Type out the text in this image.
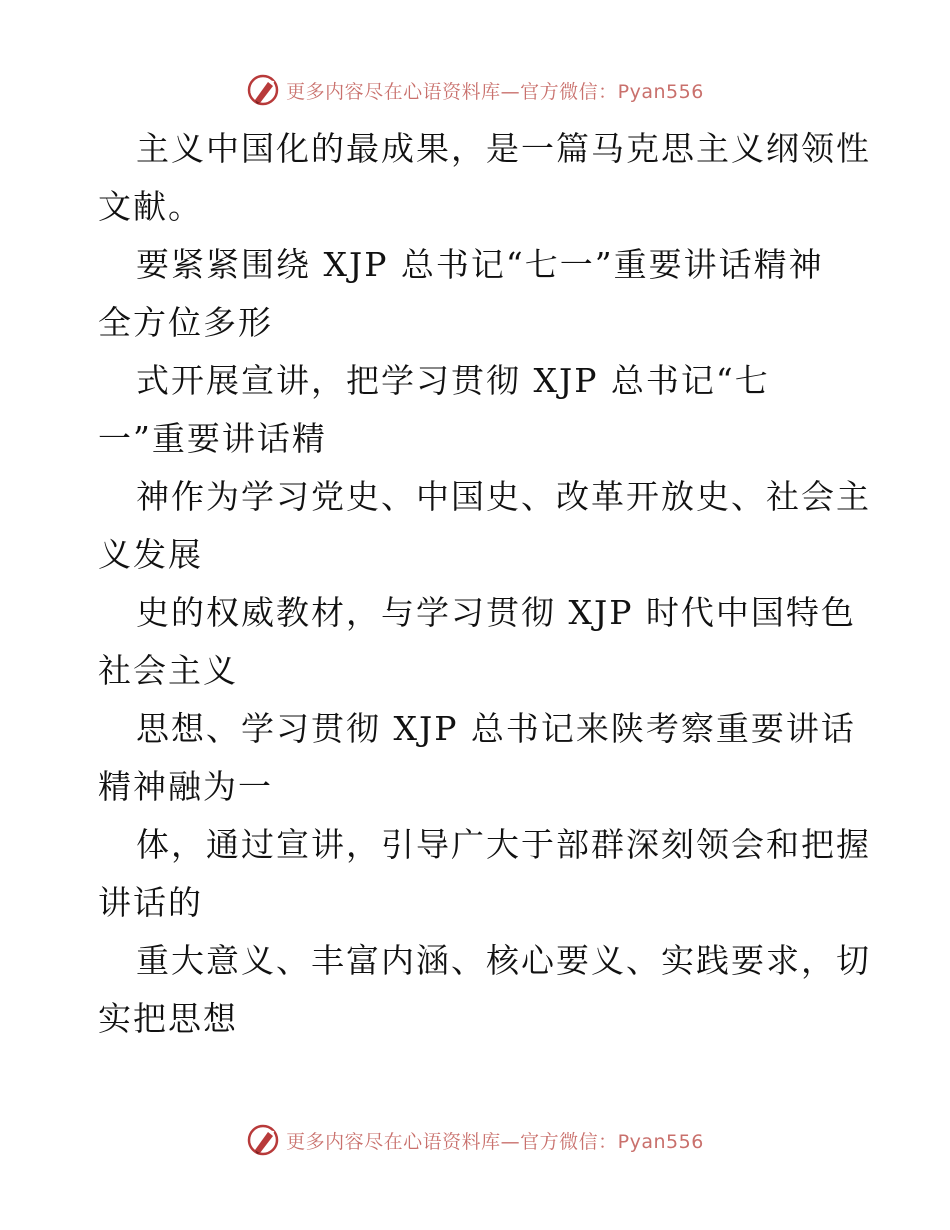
更多内容尽在心语资料库—官方微信：Pyan556
主义中国化的最成果，是一篇马克思主义纲领性
文献。
要紧紧围绕 XJP 总书记“七一”重要讲话精神
全方位多形
式开展宣讲，把学习贯彻 XJP 总书记“七
一”重要讲话精
神作为学习党史、中国史、改革开放史、社会主
义发展
史的权威教材，与学习贯彻 XJP 时代中国特色
社会主义
思想、学习贯彻 XJP 总书记来陕考察重要讲话
精神融为一
体，通过宣讲，引导广大于部群深刻领会和把握
讲话的
重大意义、丰富内涵、核心要义、实践要求，切
实把思想
更多内容尽在心语资料库—官方微信：Pyan556
